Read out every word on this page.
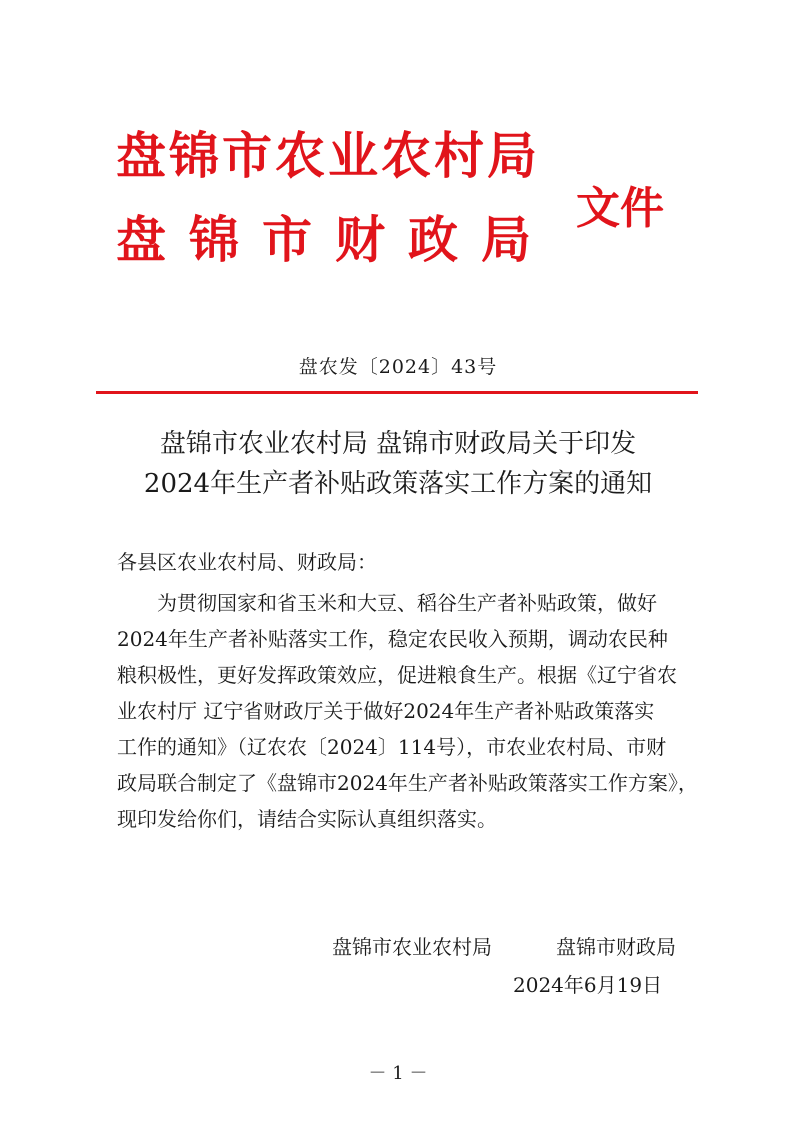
盘锦市农业农村局
盘锦市财政局
文件
盘农发〔2024〕43号
盘锦市农业农村局 盘锦市财政局关于印发
2024年生产者补贴政策落实工作方案的通知
各县区农业农村局、财政局：
　　为贯彻国家和省玉米和大豆、稻谷生产者补贴政策，做好
2024年生产者补贴落实工作，稳定农民收入预期，调动农民种
粮积极性，更好发挥政策效应，促进粮食生产。根据《辽宁省农
业农村厅 辽宁省财政厅关于做好2024年生产者补贴政策落实
工作的通知》（辽农农〔2024〕114号），市农业农村局、市财
政局联合制定了《盘锦市2024年生产者补贴政策落实工作方案》，
现印发给你们，请结合实际认真组织落实。
盘锦市农业农村局	盘锦市财政局
2024年6月19日
－ 1 －
